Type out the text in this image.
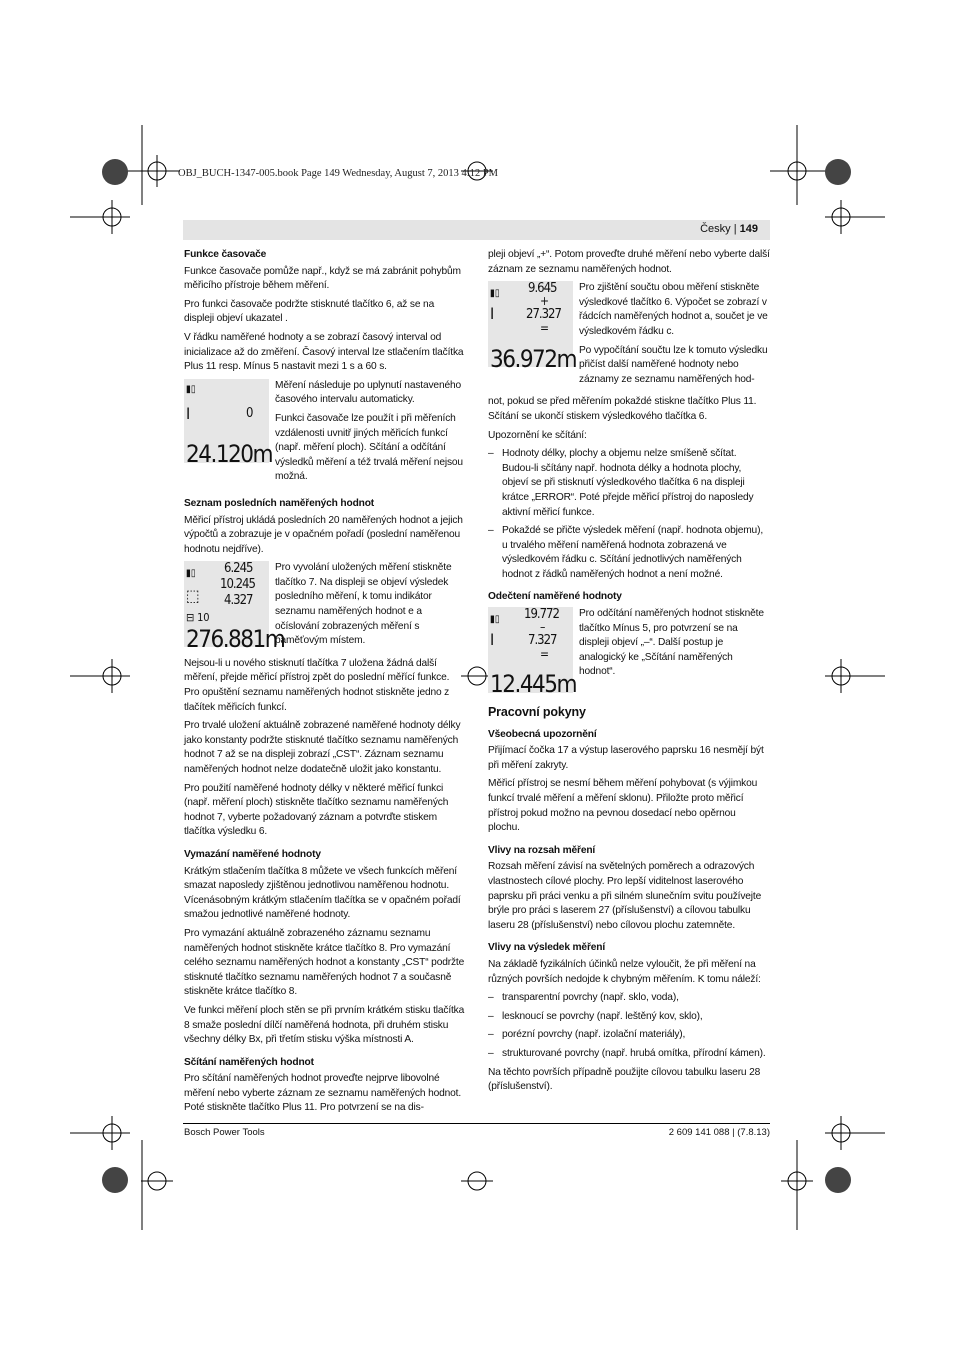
OBJ_BUCH-1347-005.book Page 149 Wednesday, August 7, 2013 4:12 PM
Česky | 149
Funkce časovače

Funkce časovače pomůže např., když se má zabránit pohybům měřicího přístroje během měření.

Pro funkci časovače podržte stisknuté tlačítko 6, až se na displeji objeví ukazatel .

V řádku naměřené hodnoty a se zobrazí časový interval od inicializace až do změření. Časový interval lze stlačením tlačítka Plus 11 resp. Mínus 5 nastavit mezi 1 s a 60 s.

▮▯
I	0
24.120m

Měření následuje po uplynutí nastaveného časového intervalu automaticky.

Funkci časovače lze použít i při měřeních vzdálenosti uvnitř jiných měřicích funkcí (např. měření ploch). Sčítání a odčítání výsledků měření a též trvalá měření nejsou možná.

Seznam posledních naměřených hodnot

Měřicí přístroj ukládá posledních 20 naměřených hodnot a jejich výpočtů a zobrazuje je v opačném pořadí (poslední naměřenou hodnotu nejdříve).

6.245
10.245
4.327
▮▯
⬚
⊟ 10
276.881m

Pro vyvolání uložených měření stiskněte tlačítko 7. Na displeji se objeví výsledek posledního měření, k tomu indikátor seznamu naměřených hodnot e a očíslování zobrazených měření s paměťovým místem.

Nejsou-li u nového stisknutí tlačítka 7 uložena žádná další měření, přejde měřicí přístroj zpět do poslední měřící funkce. Pro opuštění seznamu naměřených hodnot stiskněte jedno z tlačítek měřicích funkcí.

Pro trvalé uložení aktuálně zobrazené naměřené hodnoty délky jako konstanty podržte stisknuté tlačítko seznamu naměřených hodnot 7 až se na displeji zobrazí „CST“. Záznam seznamu naměřených hodnot nelze dodatečně uložit jako konstantu.

Pro použití naměřené hodnoty délky v některé měřicí funkci (např. měření ploch) stiskněte tlačítko seznamu naměřených hodnot 7, vyberte požadovaný záznam a potvrďte stiskem tlačítka výsledku 6.

Vymazání naměřené hodnoty

Krátkým stlačením tlačítka 8 můžete ve všech funkcích měření smazat naposledy zjištěnou jednotlivou naměřenou hodnotu. Vícenásobným krátkým stlačením tlačítka se v opačném pořadí smažou jednotlivé naměřené hodnoty.

Pro vymazání aktuálně zobrazeného záznamu seznamu naměřených hodnot stiskněte krátce tlačítko 8. Pro vymazání celého seznamu naměřených hodnot a konstanty „CST“ podržte stisknuté tlačítko seznamu naměřených hodnot 7 a současně stiskněte krátce tlačítko 8.

Ve funkci měření ploch stěn se při prvním krátkém stisku tlačítka 8 smaže poslední dílčí naměřená hodnota, při druhém stisku všechny délky Bx, při třetím stisku výška místnosti A.

Sčítání naměřených hodnot

Pro sčítání naměřených hodnot proveďte nejprve libovolné měření nebo vyberte záznam ze seznamu naměřených hodnot. Poté stiskněte tlačítko Plus 11. Pro potvrzení se na dis-

pleji objeví „+“. Potom proveďte druhé měření nebo vyberte další záznam ze seznamu naměřených hodnot.

9.645
+
27.327
=
▮▯
I
36.972m

Pro zjištění součtu obou měření stiskněte výsledkové tlačítko 6. Výpočet se zobrazí v řádcích naměřených hodnot a, součet je ve výsledkovém řádku c.

Po vypočítání součtu lze k tomuto výsledku přičíst další naměřené hodnoty nebo záznamy ze seznamu naměřených hod-

not, pokud se před měřením pokaždé stiskne tlačítko Plus 11. Sčítání se ukončí stiskem výsledkového tlačítka 6.

Upozornění ke sčítání:

– Hodnoty délky, plochy a objemu nelze smíšeně sčítat. Budou-li sčítány např. hodnota délky a hodnota plochy, objeví se při stisknutí výsledkového tlačítka 6 na displeji krátce „ERROR“. Poté přejde měřicí přístroj do naposledy aktivní měřicí funkce.

– Pokaždé se přičte výsledek měření (např. hodnota objemu), u trvalého měření naměřená hodnota zobrazená ve výsledkovém řádku c. Sčítání jednotlivých naměřených hodnot z řádků naměřených hodnot a není možné.

Odečtení naměřené hodnoty
19.772
–
7.327
=
▮▯
I
12.445m

Pro odčítání naměřených hodnot stiskněte tlačítko Mínus 5, pro potvrzení se na displeji objeví „–“. Další postup je analogický ke „Sčítání naměřených hodnot“.

Pracovní pokyny
Všeobecná upozornění

Přijímací čočka 17 a výstup laserového paprsku 16 nesmějí být při měření zakryty.

Měřicí přístroj se nesmí během měření pohybovat (s výjimkou funkcí trvalé měření a měření sklonu). Přiložte proto měřicí přístroj pokud možno na pevnou dosedací nebo opěrnou plochu.

Vlivy na rozsah měření

Rozsah měření závisí na světelných poměrech a odrazových vlastnostech cílové plochy. Pro lepší viditelnost laserového paprsku při práci venku a při silném slunečním svitu používejte brýle pro práci s laserem 27 (příslušenství) a cílovou tabulku laseru 28 (příslušenství) nebo cílovou plochu zatemněte.

Vlivy na výsledek měření

Na základě fyzikálních účinků nelze vyloučit, že při měření na různých površích nedojde k chybným měřením. K tomu náleží:

– transparentní povrchy (např. sklo, voda),

– lesknoucí se povrchy (např. leštěný kov, sklo),

– porézní povrchy (např. izolační materiály),

– strukturované povrchy (např. hrubá omítka, přírodní kámen).

Na těchto površích případně použijte cílovou tabulku laseru 28 (příslušenství).

Bosch Power Tools	2 609 141 088 | (7.8.13)
